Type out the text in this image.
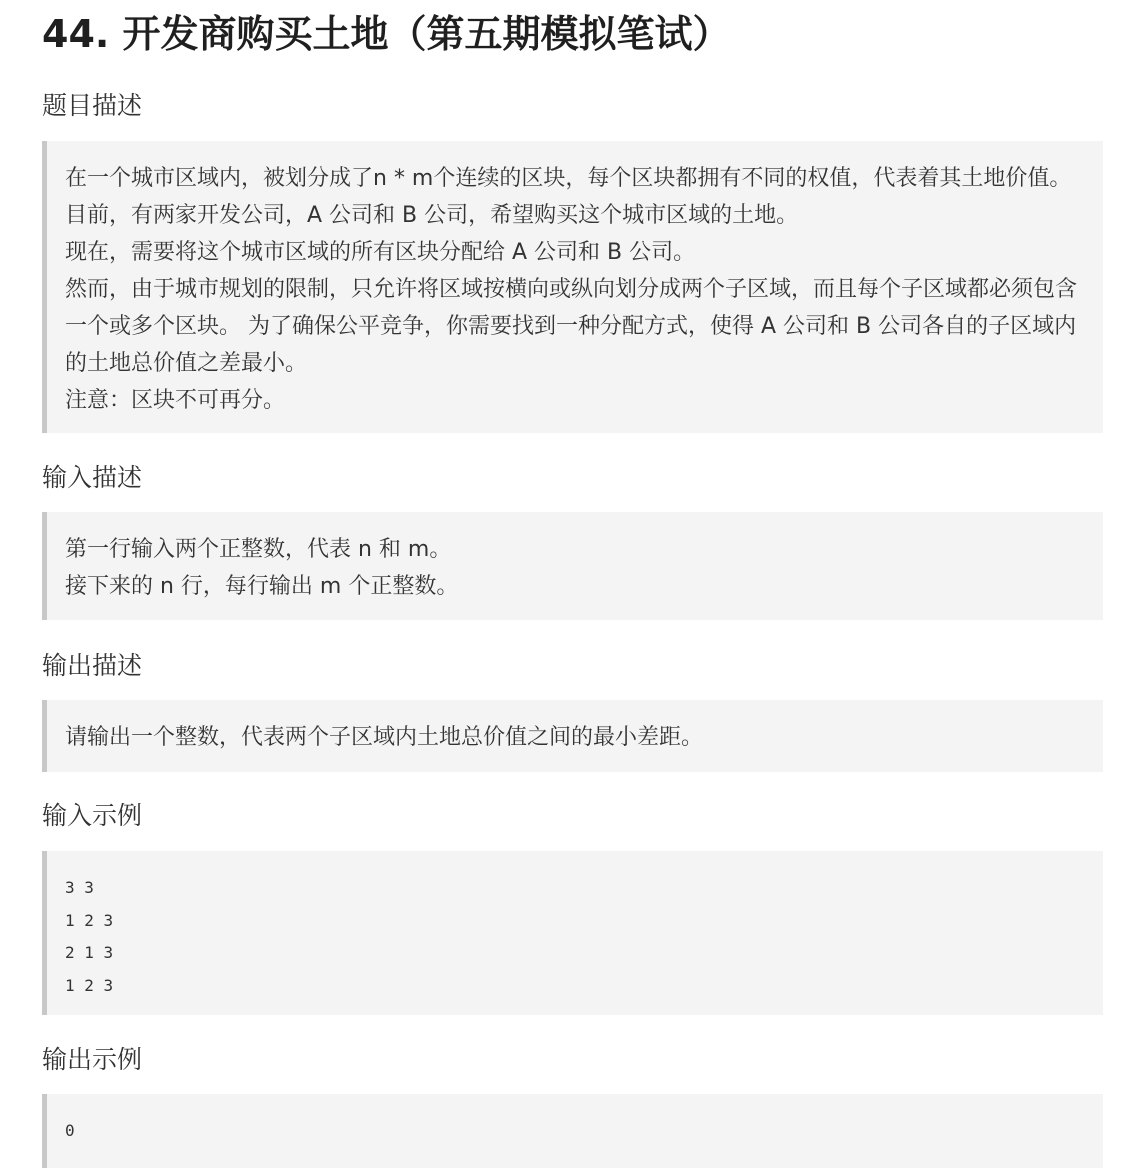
44. 开发商购买土地（第五期模拟笔试）
题目描述

在一个城市区域内，被划分成了n * m个连续的区块，每个区块都拥有不同的权值，代表着其土地价值。目前，有两家开发公司，A 公司和 B 公司，希望购买这个城市区域的土地。

现在，需要将这个城市区域的所有区块分配给 A 公司和 B 公司。

然而，由于城市规划的限制，只允许将区域按横向或纵向划分成两个子区域，而且每个子区域都必须包含一个或多个区块。 为了确保公平竞争，你需要找到一种分配方式，使得 A 公司和 B 公司各自的子区域内的土地总价值之差最小。

注意：区块不可再分。

输入描述

第一行输入两个正整数，代表 n 和 m。

接下来的 n 行，每行输出 m 个正整数。

输出描述

请输出一个整数，代表两个子区域内土地总价值之间的最小差距。

输入示例
3 3
1 2 3
2 1 3
1 2 3
输出示例
0
